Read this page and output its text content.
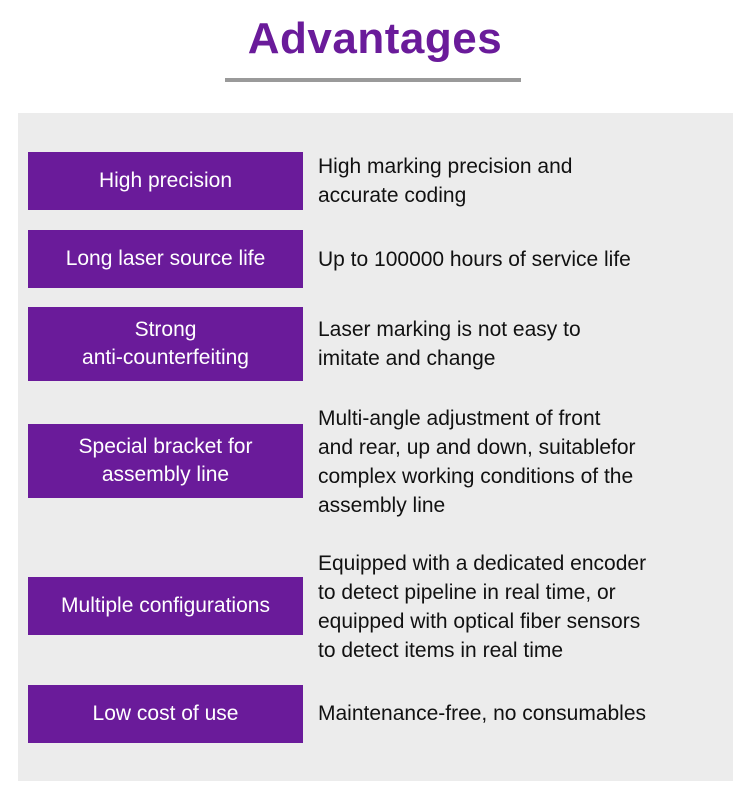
Advantages
High precision
High marking precision and
accurate coding
Long laser source life	Up to 100000 hours of service life
Strong
anti-counterfeiting
Laser marking is not easy to
imitate and change
Special bracket for
assembly line
Multi-angle adjustment of front
and rear, up and down, suitablefor
complex working conditions of the
assembly line
Multiple configurations
Equipped with a dedicated encoder
to detect pipeline in real time, or
equipped with optical fiber sensors
to detect items in real time
Low cost of use	Maintenance-free, no consumables
